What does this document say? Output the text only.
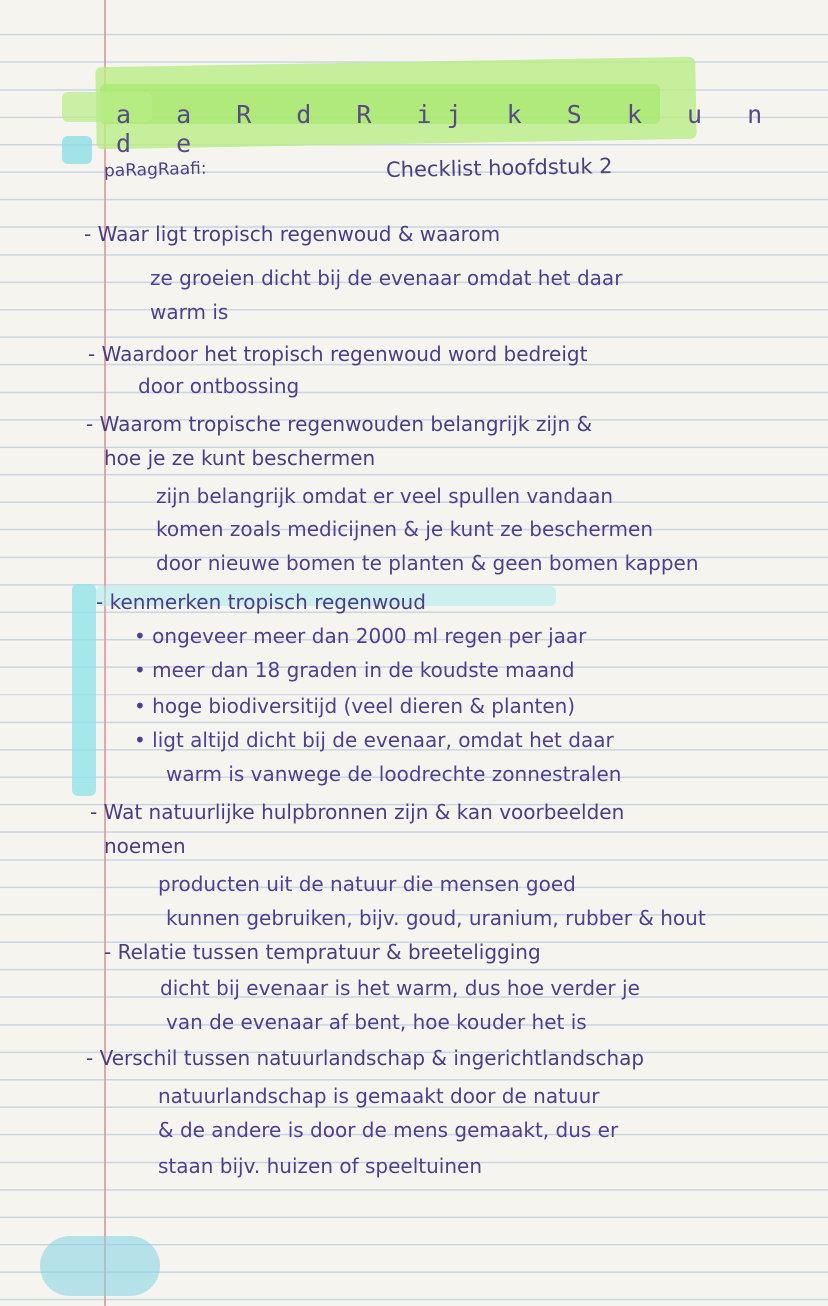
a a R d R ij k S k u n d e
paRagRaafi:	Checklist hoofdstuk 2
- Waar ligt tropisch regenwoud & waarom
ze groeien dicht bij de evenaar omdat het daar
warm is
- Waardoor het tropisch regenwoud word bedreigt
door ontbossing
- Waarom tropische regenwouden belangrijk zijn &
hoe je ze kunt beschermen
zijn belangrijk omdat er veel spullen vandaan
komen zoals medicijnen & je kunt ze beschermen
door nieuwe bomen te planten & geen bomen kappen
- kenmerken tropisch regenwoud
• ongeveer meer dan 2000 ml regen per jaar
• meer dan 18 graden in de koudste maand
• hoge biodiversitijd (veel dieren & planten)
• ligt altijd dicht bij de evenaar, omdat het daar
warm is vanwege de loodrechte zonnestralen
- Wat natuurlijke hulpbronnen zijn & kan voorbeelden
noemen
producten uit de natuur die mensen goed
kunnen gebruiken, bijv. goud, uranium, rubber & hout
- Relatie tussen tempratuur & breeteligging
dicht bij evenaar is het warm, dus hoe verder je
van de evenaar af bent, hoe kouder het is
- Verschil tussen natuurlandschap & ingerichtlandschap
natuurlandschap is gemaakt door de natuur
& de andere is door de mens gemaakt, dus er
staan bijv. huizen of speeltuinen
